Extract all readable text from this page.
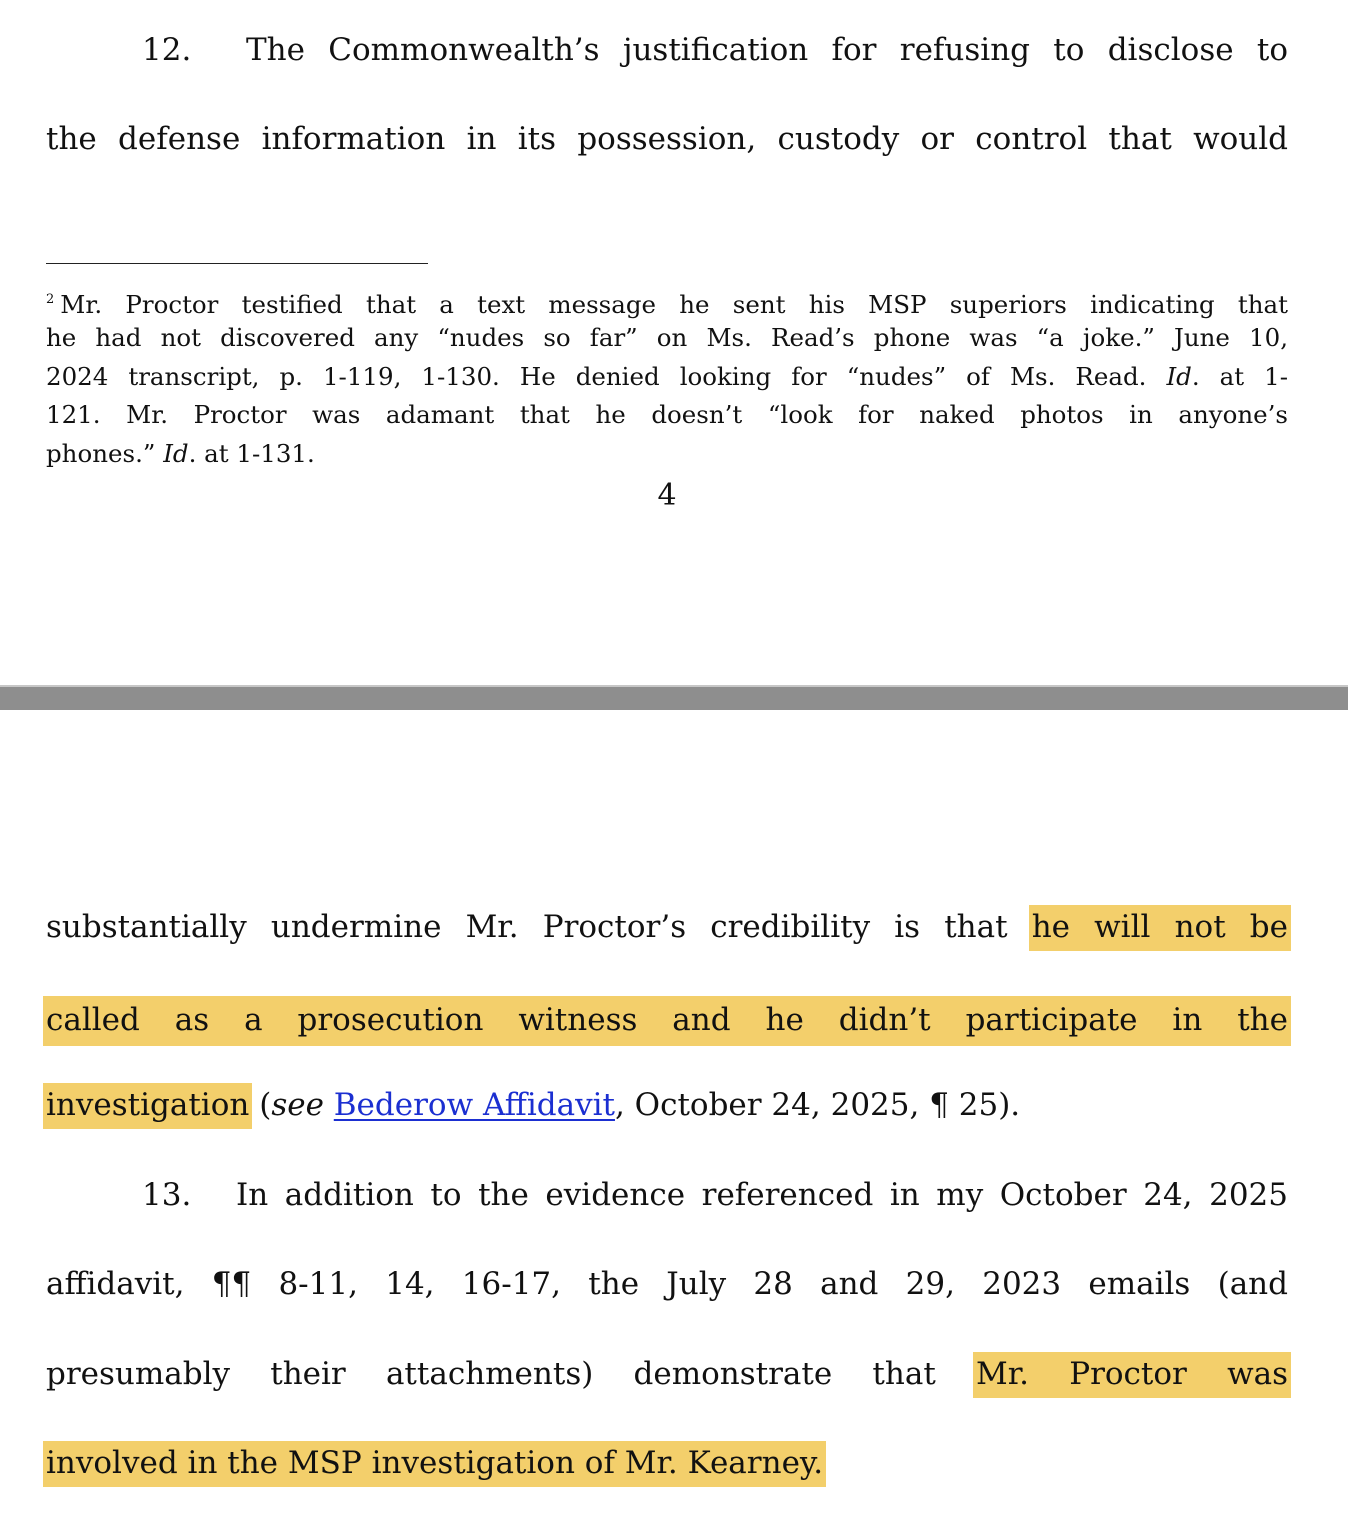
12. The Commonwealth’s justification for refusing to disclose to
the defense information in its possession, custody or control that would
$^2$ Mr. Proctor testified that a text message he sent his MSP superiors indicating that
he had not discovered any “nudes so far” on Ms. Read’s phone was “a joke.” June 10,
2024 transcript, p. 1-119, 1-130. He denied looking for “nudes” of Ms. Read. Id. at 1-
121. Mr. Proctor was adamant that he doesn’t “look for naked photos in anyone’s
phones.” Id. at 1-131.
4
substantially undermine Mr. Proctor’s credibility is that he will not be
called as a prosecution witness and he didn’t participate in the
investigation (see Bederow Affidavit, October 24, 2025, ¶ 25).
13. In addition to the evidence referenced in my October 24, 2025
affidavit, ¶¶ 8-11, 14, 16-17, the July 28 and 29, 2023 emails (and
presumably their attachments) demonstrate that Mr. Proctor was
involved in the MSP investigation of Mr. Kearney.
